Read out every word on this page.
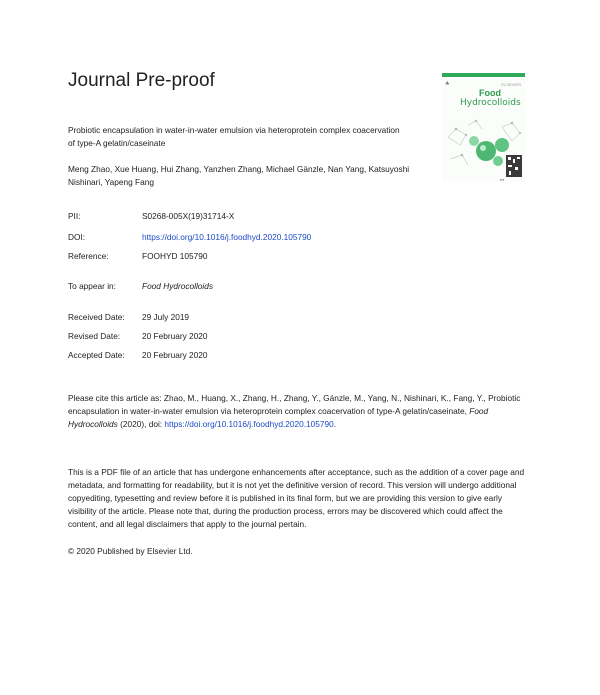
Journal Pre-proof	♣	ELSEVIER
Food
Hydrocolloids
▪▪▪
Probiotic encapsulation in water-in-water emulsion via heteroprotein complex coacervation of type-A gelatin/caseinate
Meng Zhao, Xue Huang, Hui Zhang, Yanzhen Zhang, Michael Gänzle, Nan Yang, Katsuyoshi Nishinari, Yapeng Fang
PII:	S0268-005X(19)31714-X
DOI:	https://doi.org/10.1016/j.foodhyd.2020.105790
Reference:	FOOHYD 105790
To appear in:	Food Hydrocolloids
Received Date: 29 July 2019
Revised Date:	20 February 2020
Accepted Date: 20 February 2020
Please cite this article as: Zhao, M., Huang, X., Zhang, H., Zhang, Y., Gänzle, M., Yang, N., Nishinari, K., Fang, Y., Probiotic encapsulation in water-in-water emulsion via heteroprotein complex coacervation of type-A gelatin/caseinate, Food Hydrocolloids (2020), doi: https://doi.org/10.1016/j.foodhyd.2020.105790.
This is a PDF file of an article that has undergone enhancements after acceptance, such as the addition of a cover page and metadata, and formatting for readability, but it is not yet the definitive version of record. This version will undergo additional copyediting, typesetting and review before it is published in its final form, but we are providing this version to give early visibility of the article. Please note that, during the production process, errors may be discovered which could affect the content, and all legal disclaimers that apply to the journal pertain.
© 2020 Published by Elsevier Ltd.
